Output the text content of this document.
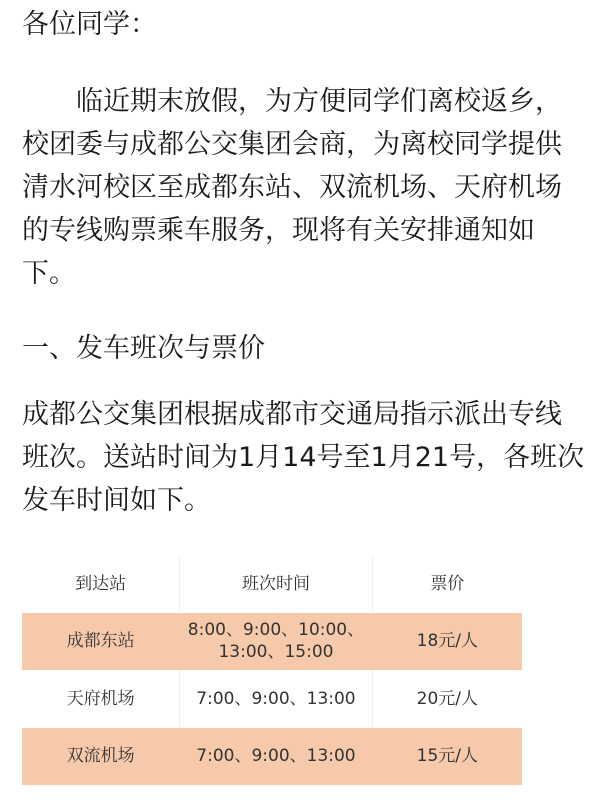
各位同学：
临近期末放假，为方便同学们离校返乡，
校团委与成都公交集团会商，为离校同学提供
清水河校区至成都东站、双流机场、天府机场
的专线购票乘车服务，现将有关安排通知如
下。
一、发车班次与票价
成都公交集团根据成都市交通局指示派出专线
班次。送站时间为1月14号至1月21号，各班次
发车时间如下。
到达站	班次时间	票价
成都东站	8:00、9:00、10:00、
13:00、15:00	18元/人
天府机场	7:00、9:00、13:00	20元/人
双流机场	7:00、9:00、13:00	15元/人
